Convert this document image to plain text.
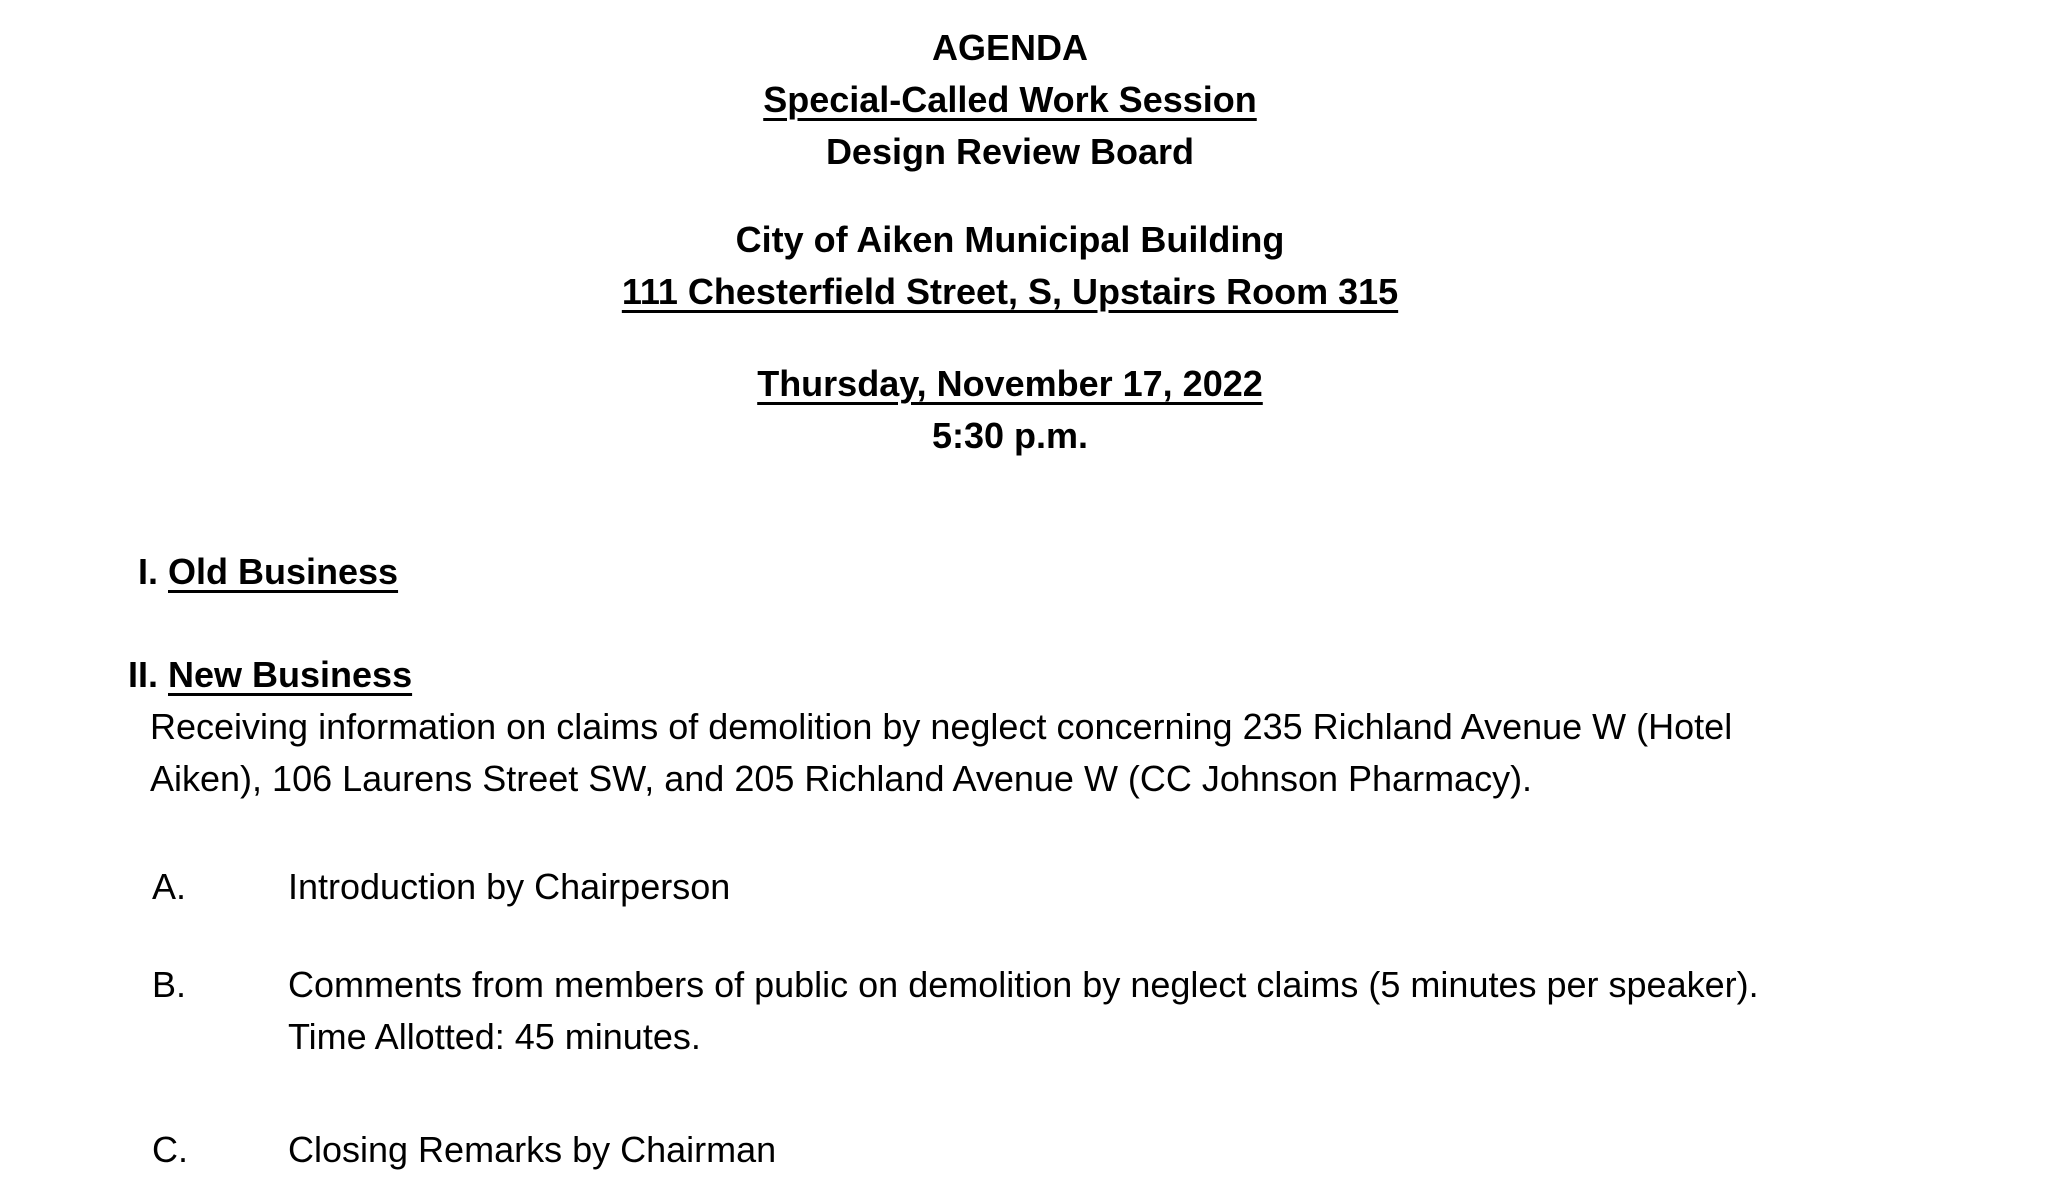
AGENDA
Special-Called Work Session
Design Review Board
City of Aiken Municipal Building
111 Chesterfield Street, S, Upstairs Room 315
Thursday, November 17, 2022
5:30 p.m.
I. Old Business
II. New Business
Receiving information on claims of demolition by neglect concerning 235 Richland Avenue W (Hotel
Aiken), 106 Laurens Street SW, and 205 Richland Avenue W (CC Johnson Pharmacy).
A.	Introduction by Chairperson
B.	Comments from members of public on demolition by neglect claims (5 minutes per speaker).
Time Allotted: 45 minutes.
C.	Closing Remarks by Chairman
